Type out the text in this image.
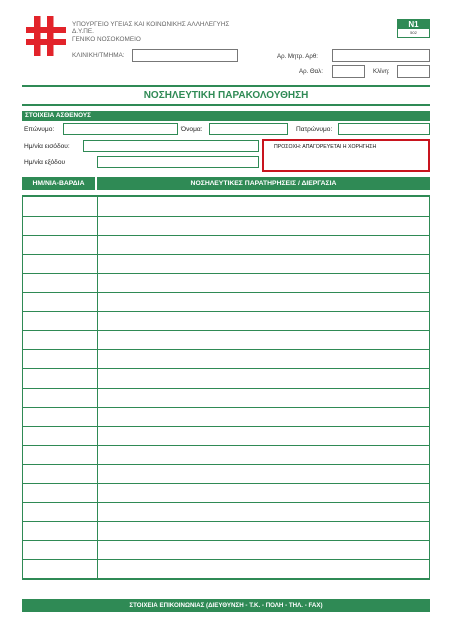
ΥΠΟΥΡΓΕΙΟ ΥΓΕΙΑΣ ΚΑΙ ΚΟΙΝΩΝΙΚΗΣ ΑΛΛΗΛΕΓΥΗΣ
Δ.Υ.ΠΕ.
ΓΕΝΙΚΟ ΝΟΣΟΚΟΜΕΙΟ
ΚΛΙΝΙΚΗ/ΤΜΗΜΑ:
N1
502
Αρ. Μητρ. Αρθ:
Αρ. Θαλ:	Κλίνη:
ΝΟΣΗΛΕΥΤΙΚΗ ΠΑΡΑΚΟΛΟΥΘΗΣΗ
ΣΤΟΙΧΕΙΑ ΑΣΘΕΝΟΥΣ
Επώνυμο:	Όνομα:	Πατρώνυμο:
Ημ/νία εισόδου:
Ημ/νία εξόδου
ΠΡΟΣΟΧΗ: ΑΠΑΓΟΡΕΥΕΤΑΙ Η ΧΟΡΗΓΗΣΗ
ΗΜ/ΝΙΑ-ΒΑΡΔΙΑ	ΝΟΣΗΛΕΥΤΙΚΕΣ ΠΑΡΑΤΗΡΗΣΕΙΣ / ΔΙΕΡΓΑΣΙΑ
ΣΤΟΙΧΕΙΑ ΕΠΙΚΟΙΝΩΝΙΑΣ (ΔΙΕΥΘΥΝΣΗ - Τ.Κ. - ΠΟΛΗ - ΤΗΛ. - FAX)
